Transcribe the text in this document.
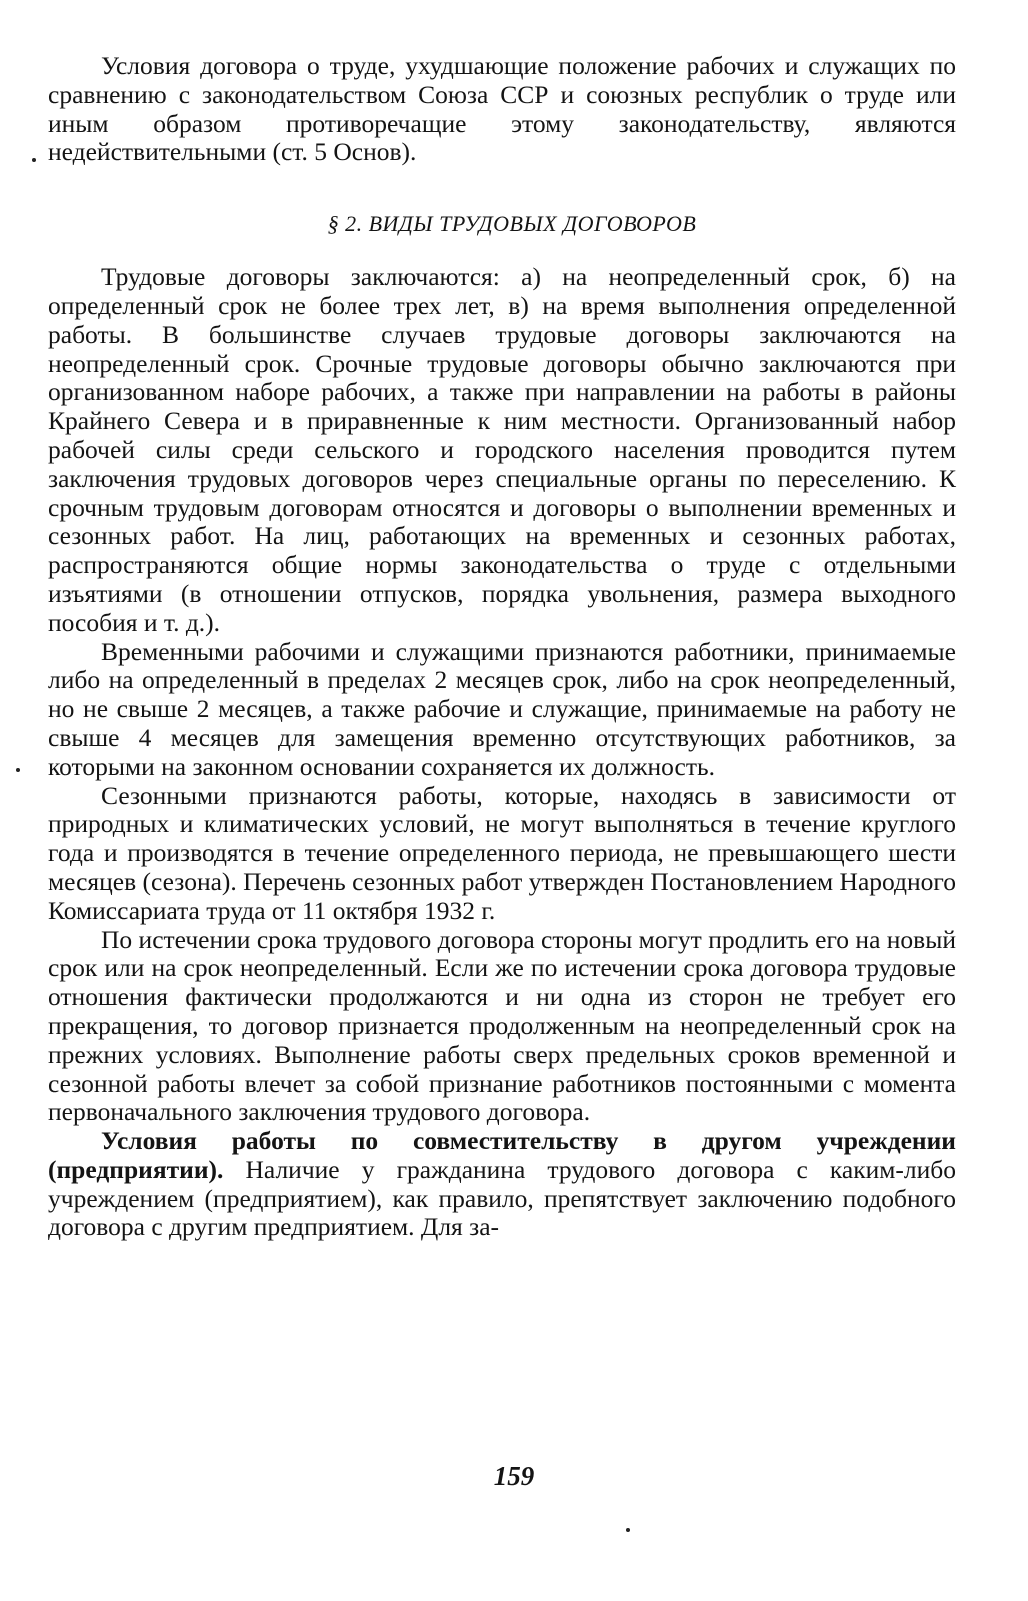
Условия договора о труде, ухудшающие положение рабочих и служащих по сравнению с законодательством Союза ССР и союзных республик о труде или иным образом противоречащие этому законодательству, являются недействительными (ст. 5 Основ).

§ 2. ВИДЫ ТРУДОВЫХ ДОГОВОРОВ

Трудовые договоры заключаются: а) на неопределенный срок, б) на определенный срок не более трех лет, в) на время выполнения определенной работы. В большинстве случаев трудовые договоры заключаются на неопределенный срок. Срочные трудовые договоры обычно заключаются при организованном наборе рабочих, а также при направлении на работы в районы Крайнего Севера и в приравненные к ним местности. Организованный набор рабочей силы среди сельского и городского населения проводится путем заключения трудовых договоров через специальные органы по переселению. К срочным трудовым договорам относятся и договоры о выполнении временных и сезонных работ. На лиц, работающих на временных и сезонных работах, распространяются общие нормы законодательства о труде с отдельными изъятиями (в отношении отпусков, порядка увольнения, размера выходного пособия и т. д.).

Временными рабочими и служащими признаются работники, принимаемые либо на определенный в пределах 2 месяцев срок, либо на срок неопределенный, но не свыше 2 месяцев, а также рабочие и служащие, принимаемые на работу не свыше 4 месяцев для замещения временно отсутствующих работников, за которыми на законном основании сохраняется их должность.

Сезонными признаются работы, которые, находясь в зависимости от природных и климатических условий, не могут выполняться в течение круглого года и производятся в течение определенного периода, не превышающего шести месяцев (сезона). Перечень сезонных работ утвержден Постановлением Народного Комиссариата труда от 11 октября 1932 г.

По истечении срока трудового договора стороны могут продлить его на новый срок или на срок неопределенный. Если же по истечении срока договора трудовые отношения фактически продолжаются и ни одна из сторон не требует его прекращения, то договор признается продолженным на неопределенный срок на прежних условиях. Выполнение работы сверх предельных сроков временной и сезонной работы влечет за собой признание работников постоянными с момента первоначального заключения трудового договора.

Условия работы по совместительству в другом учреждении (предприятии). Наличие у гражданина трудового договора с каким-либо учреждением (предприятием), как правило, препятствует заключению подобного договора с другим предприятием. Для за-

159
